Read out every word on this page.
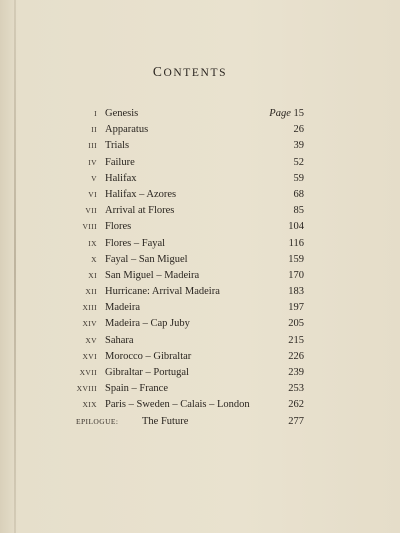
CONTENTS
I Genesis	Page 15
II Apparatus	26
III Trials	39
IV Failure	52
V Halifax	59
VI Halifax – Azores	68
VII Arrival at Flores	85
VIII Flores	104
IX Flores – Fayal	116
X Fayal – San Miguel	159
XI San Miguel – Madeira	170
XII Hurricane: Arrival Madeira	183
XIII Madeira	197
XIV Madeira – Cap Juby	205
XV Sahara	215
XVI Morocco – Gibraltar	226
XVII Gibraltar – Portugal	239
XVIII Spain – France	253
XIX Paris – Sweden – Calais – London	262
EPILOGUE: The Future	277
